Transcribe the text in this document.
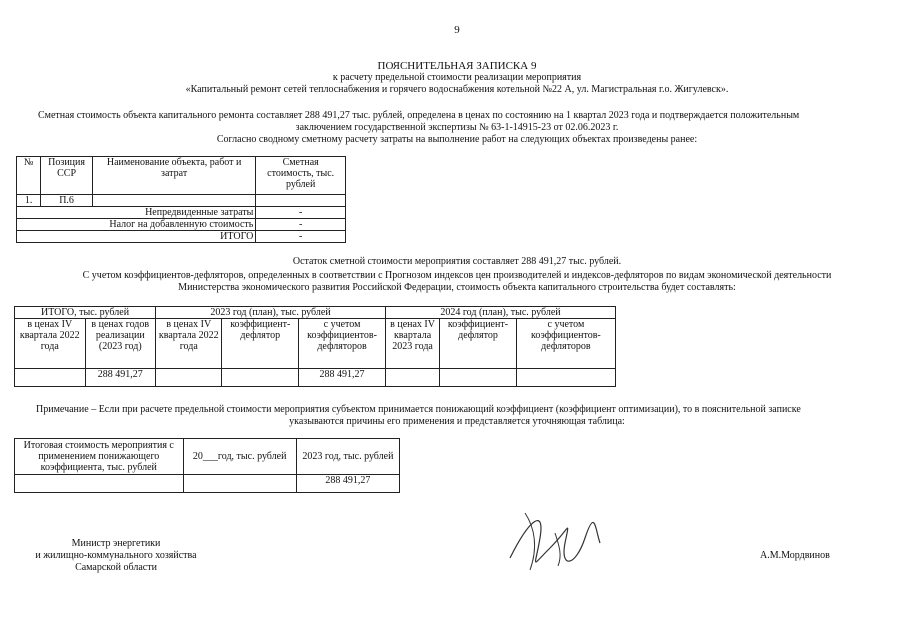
9
ПОЯСНИТЕЛЬНАЯ ЗАПИСКА 9
к расчету предельной стоимости реализации мероприятия
«Капитальный ремонт сетей теплоснабжения и горячего водоснабжения котельной №22 А, ул. Магистральная г.о. Жигулевск».
Сметная стоимость объекта капитального ремонта составляет 288 491,27 тыс. рублей, определена в ценах по состоянию на 1 квартал 2023 года и подтверждается положительным
заключением государственной экспертизы № 63-1-14915-23 от 02.06.2023 г.
Согласно сводному сметному расчету затраты на выполнение работ на следующих объектах произведены ранее:
№	Позиция ССР	Наименование объекта, работ и затрат	Сметная стоимость, тыс. рублей
1.	П.6		
Непредвиденные затраты			-
Налог на добавленную стоимость			-
ИТОГО			-
Остаток сметной стоимости мероприятия составляет 288 491,27 тыс. рублей.
С учетом коэффициентов-дефляторов, определенных в соответствии с Прогнозом индексов цен производителей и индексов-дефляторов по видам экономической деятельности
Министерства экономического развития Российской Федерации, стоимость объекта капитального строительства будет составлять:
ИТОГО, тыс. рублей		2023 год (план), тыс. рублей			2024 год (план), тыс. рублей		
в ценах IV квартала 2022 года	в ценах годов реализации (2023 год)	в ценах IV квартала 2022 года	коэффициент-дефлятор	с учетом коэффициентов-дефляторов	в ценах IV квартала 2023 года	коэффициент-дефлятор	с учетом коэффициентов-дефляторов
	288 491,27			288 491,27			
Примечание – Если при расчете предельной стоимости мероприятия субъектом принимается понижающий коэффициент (коэффициент оптимизации), то в пояснительной записке
указываются причины его применения и представляется уточняющая таблица:
Итоговая стоимость мероприятия с применением понижающего коэффициента, тыс. рублей	20___год, тыс. рублей	2023 год, тыс. рублей
		288 491,27
Министр энергетики
и жилищно-коммунального хозяйства
Самарской области
А.М.Мордвинов
